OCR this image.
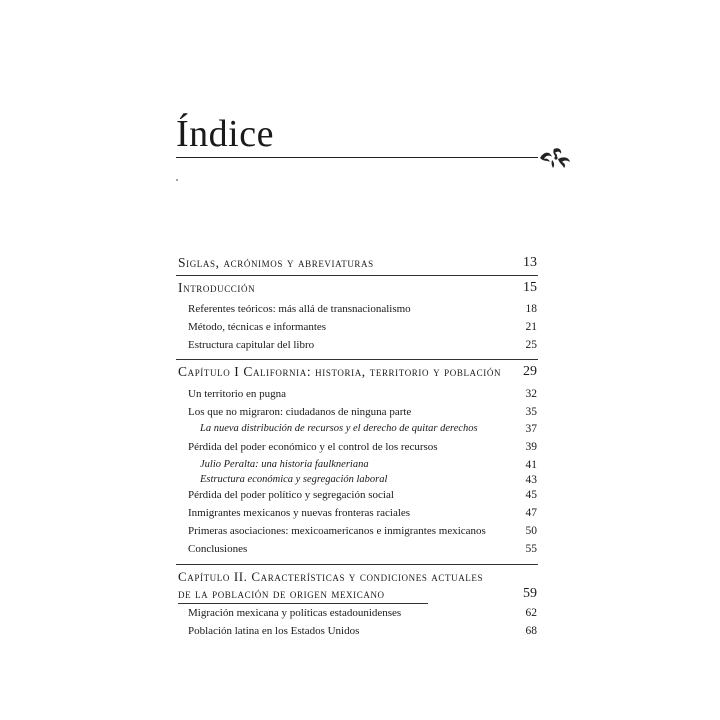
Índice
Siglas, acrónimos y abreviaturas	13
Introducción	15
Referentes teóricos: más allá de transnacionalismo	18
Método, técnicas e informantes	21
Estructura capitular del libro	25
Capítulo I California: historia, territorio y población 29
Un territorio en pugna	32
Los que no migraron: ciudadanos de ninguna parte	35
La nueva distribución de recursos y el derecho de quitar derechos	37
Pérdida del poder económico y el control de los recursos	39
Julio Peralta: una historia faulkneriana	41
Estructura económica y segregación laboral	43
Pérdida del poder político y segregación social	45
Inmigrantes mexicanos y nuevas fronteras raciales	47
Primeras asociaciones: mexicoamericanos e inmigrantes mexicanos	50
Conclusiones	55
Capítulo II. Características y condiciones actuales
de la población de origen mexicano	59
Migración mexicana y políticas estadounidenses	62
Población latina en los Estados Unidos	68
